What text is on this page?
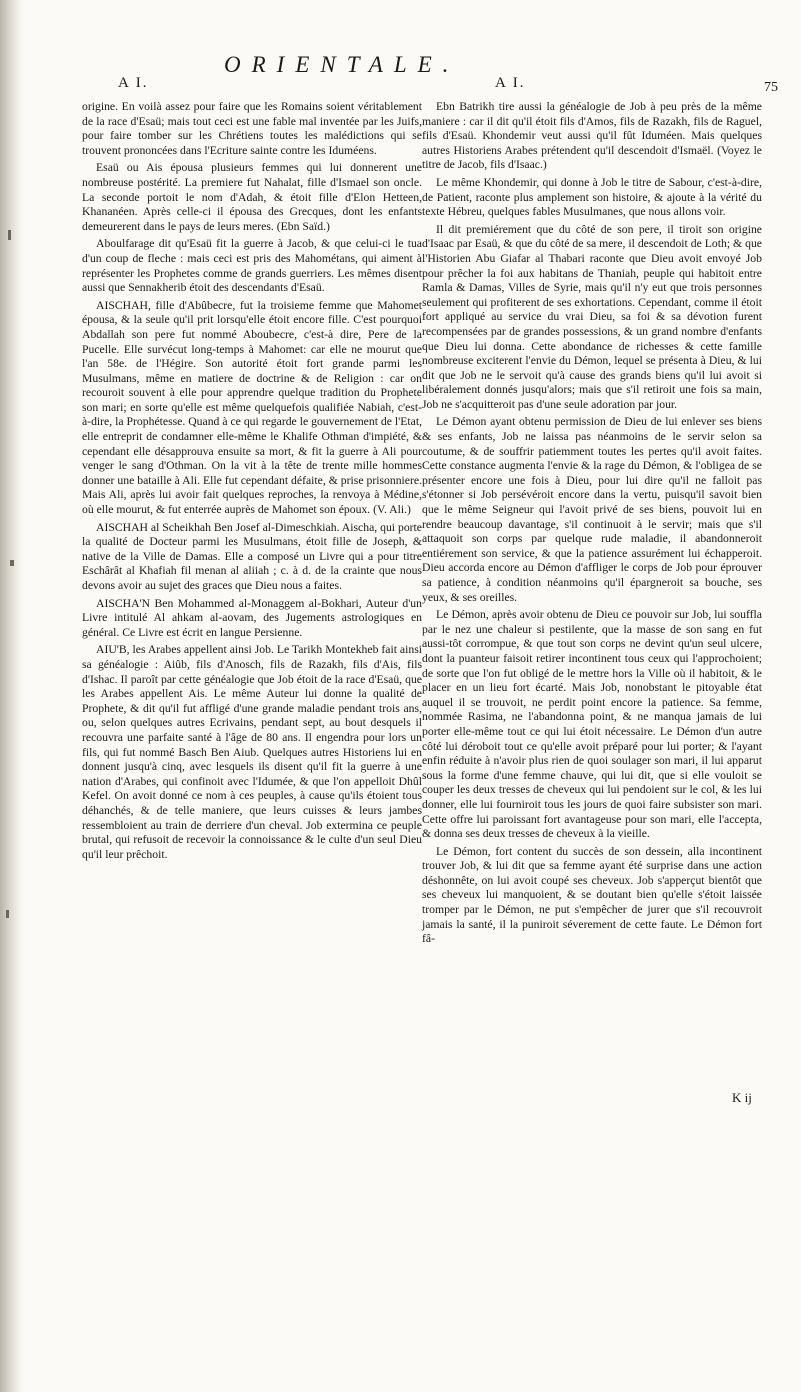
ORIENTALE.
75
A I.	A I.

origine. En voilà assez pour faire que les Romains soient véritablement de la race d'Esaü; mais tout ceci est une fable mal inventée par les Juifs, pour faire tomber sur les Chrétiens toutes les malédictions qui se trouvent prononcées dans l'Ecriture sainte contre les Iduméens.

Esaü ou Ais épousa plusieurs femmes qui lui donnerent une nombreuse postérité. La premiere fut Nahalat, fille d'Ismael son oncle. La seconde portoit le nom d'Adah, & étoit fille d'Elon Hetteen, Khananéen. Après celle-ci il épousa des Grecques, dont les enfants demeurerent dans le pays de leurs meres. (Ebn Saïd.)

Aboulfarage dit qu'Esaü fit la guerre à Jacob, & que celui-ci le tua d'un coup de fleche : mais ceci est pris des Mahométans, qui aiment à représenter les Prophetes comme de grands guerriers. Les mêmes disent aussi que Sennakherib étoit des descendants d'Esaü.

AISCHAH, fille d'Abûbecre, fut la troisieme femme que Mahomet épousa, & la seule qu'il prit lorsqu'elle étoit encore fille. C'est pourquoi Abdallah son pere fut nommé Aboubecre, c'est-à dire, Pere de la Pucelle. Elle survécut long-temps à Mahomet: car elle ne mourut que l'an 58e. de l'Hégire. Son autorité étoit fort grande parmi les Musulmans, même en matiere de doctrine & de Religion : car on recouroit souvent à elle pour apprendre quelque tradition du Prophete son mari; en sorte qu'elle est même quelquefois qualifiée Nabiah, c'est-à-dire, la Prophétesse. Quand à ce qui regarde le gouvernement de l'Etat, elle entreprit de condamner elle-même le Khalife Othman d'impiété, & cependant elle désapprouva ensuite sa mort, & fit la guerre à Ali pour venger le sang d'Othman. On la vit à la tête de trente mille hommes donner une bataille à Ali. Elle fut cependant défaite, & prise prisonniere. Mais Ali, après lui avoir fait quelques reproches, la renvoya à Médine, où elle mourut, & fut enterrée auprès de Mahomet son époux. (V. Ali.)

AISCHAH al Scheikhah Ben Josef al-Dimeschkiah. Aischa, qui porte la qualité de Docteur parmi les Musulmans, étoit fille de Joseph, & native de la Ville de Damas. Elle a composé un Livre qui a pour titre Eschârât al Khafiah fil menan al aliiah ; c. à d. de la crainte que nous devons avoir au sujet des graces que Dieu nous a faites.

AISCHA'N Ben Mohammed al-Monaggem al-Bokhari, Auteur d'un Livre intitulé Al ahkam al-aovam, des Jugements astrologiques en général. Ce Livre est écrit en langue Persienne.

AIU'B, les Arabes appellent ainsi Job. Le Tarikh Montekheb fait ainsi sa généalogie : Aiûb, fils d'Anosch, fils de Razakh, fils d'Ais, fils d'Ishac. Il paroît par cette généalogie que Job étoit de la race d'Esaü, que les Arabes appellent Ais. Le même Auteur lui donne la qualité de Prophete, & dit qu'il fut affligé d'une grande maladie pendant trois ans, ou, selon quelques autres Ecrivains, pendant sept, au bout desquels il recouvra une parfaite santé à l'âge de 80 ans. Il engendra pour lors un fils, qui fut nommé Basch Ben Aiub. Quelques autres Historiens lui en donnent jusqu'à cinq, avec lesquels ils disent qu'il fit la guerre à une nation d'Arabes, qui confinoit avec l'Idumée, & que l'on appelloit Dhûl Kefel. On avoit donné ce nom à ces peuples, à cause qu'ils étoient tous déhanchés, & de telle maniere, que leurs cuisses & leurs jambes ressembloient au train de derriere d'un cheval. Job extermina ce peuple brutal, qui refusoit de recevoir la connoissance & le culte d'un seul Dieu qu'il leur prêchoit.

Ebn Batrikh tire aussi la généalogie de Job à peu près de la même maniere : car il dit qu'il étoit fils d'Amos, fils de Razakh, fils de Raguel, fils d'Esaü. Khondemir veut aussi qu'il fût Iduméen. Mais quelques autres Historiens Arabes prétendent qu'il descendoit d'Ismaël. (Voyez le titre de Jacob, fils d'Isaac.)

Le même Khondemir, qui donne à Job le titre de Sabour, c'est-à-dire, de Patient, raconte plus amplement son histoire, & ajoute à la vérité du texte Hébreu, quelques fables Musulmanes, que nous allons voir.

Il dit premiérement que du côté de son pere, il tiroit son origine d'Isaac par Esaü, & que du côté de sa mere, il descendoit de Loth; & que l'Historien Abu Giafar al Thabari raconte que Dieu avoit envoyé Job pour prêcher la foi aux habitans de Thaniah, peuple qui habitoit entre Ramla & Damas, Villes de Syrie, mais qu'il n'y eut que trois personnes seulement qui profiterent de ses exhortations. Cependant, comme il étoit fort appliqué au service du vrai Dieu, sa foi & sa dévotion furent recompensées par de grandes possessions, & un grand nombre d'enfants que Dieu lui donna. Cette abondance de richesses & cette famille nombreuse exciterent l'envie du Démon, lequel se présenta à Dieu, & lui dit que Job ne le servoit qu'à cause des grands biens qu'il lui avoit si libéralement donnés jusqu'alors; mais que s'il retiroit une fois sa main, Job ne s'acquitteroit pas d'une seule adoration par jour.

Le Démon ayant obtenu permission de Dieu de lui enlever ses biens & ses enfants, Job ne laissa pas néanmoins de le servir selon sa coutume, & de souffrir patiemment toutes les pertes qu'il avoit faites. Cette constance augmenta l'envie & la rage du Démon, & l'obligea de se présenter encore une fois à Dieu, pour lui dire qu'il ne falloit pas s'étonner si Job persévéroit encore dans la vertu, puisqu'il savoit bien que le même Seigneur qui l'avoit privé de ses biens, pouvoit lui en rendre beaucoup davantage, s'il continuoit à le servir; mais que s'il attaquoit son corps par quelque rude maladie, il abandonneroit entiérement son service, & que la patience assurément lui échapperoit. Dieu accorda encore au Démon d'affliger le corps de Job pour éprouver sa patience, à condition néanmoins qu'il épargneroit sa bouche, ses yeux, & ses oreilles.

Le Démon, après avoir obtenu de Dieu ce pouvoir sur Job, lui souffla par le nez une chaleur si pestilente, que la masse de son sang en fut aussi-tôt corrompue, & que tout son corps ne devint qu'un seul ulcere, dont la puanteur faisoit retirer incontinent tous ceux qui l'approchoient; de sorte que l'on fut obligé de le mettre hors la Ville où il habitoit, & le placer en un lieu fort écarté. Mais Job, nonobstant le pitoyable état auquel il se trouvoit, ne perdit point encore la patience. Sa femme, nommée Rasima, ne l'abandonna point, & ne manqua jamais de lui porter elle-même tout ce qui lui étoit nécessaire. Le Démon d'un autre côté lui déroboit tout ce qu'elle avoit préparé pour lui porter; & l'ayant enfin réduite à n'avoir plus rien de quoi soulager son mari, il lui apparut sous la forme d'une femme chauve, qui lui dit, que si elle vouloit se couper les deux tresses de cheveux qui lui pendoient sur le col, & les lui donner, elle lui fourniroit tous les jours de quoi faire subsister son mari. Cette offre lui paroissant fort avantageuse pour son mari, elle l'accepta, & donna ses deux tresses de cheveux à la vieille.

Le Démon, fort content du succès de son dessein, alla incontinent trouver Job, & lui dit que sa femme ayant été surprise dans une action déshonnête, on lui avoit coupé ses cheveux. Job s'apperçut bientôt que ses cheveux lui manquoient, & se doutant bien qu'elle s'étoit laissée tromper par le Démon, ne put s'empêcher de jurer que s'il recouvroit jamais la santé, il la puniroit séverement de cette faute. Le Démon fort fâ-

K ij
